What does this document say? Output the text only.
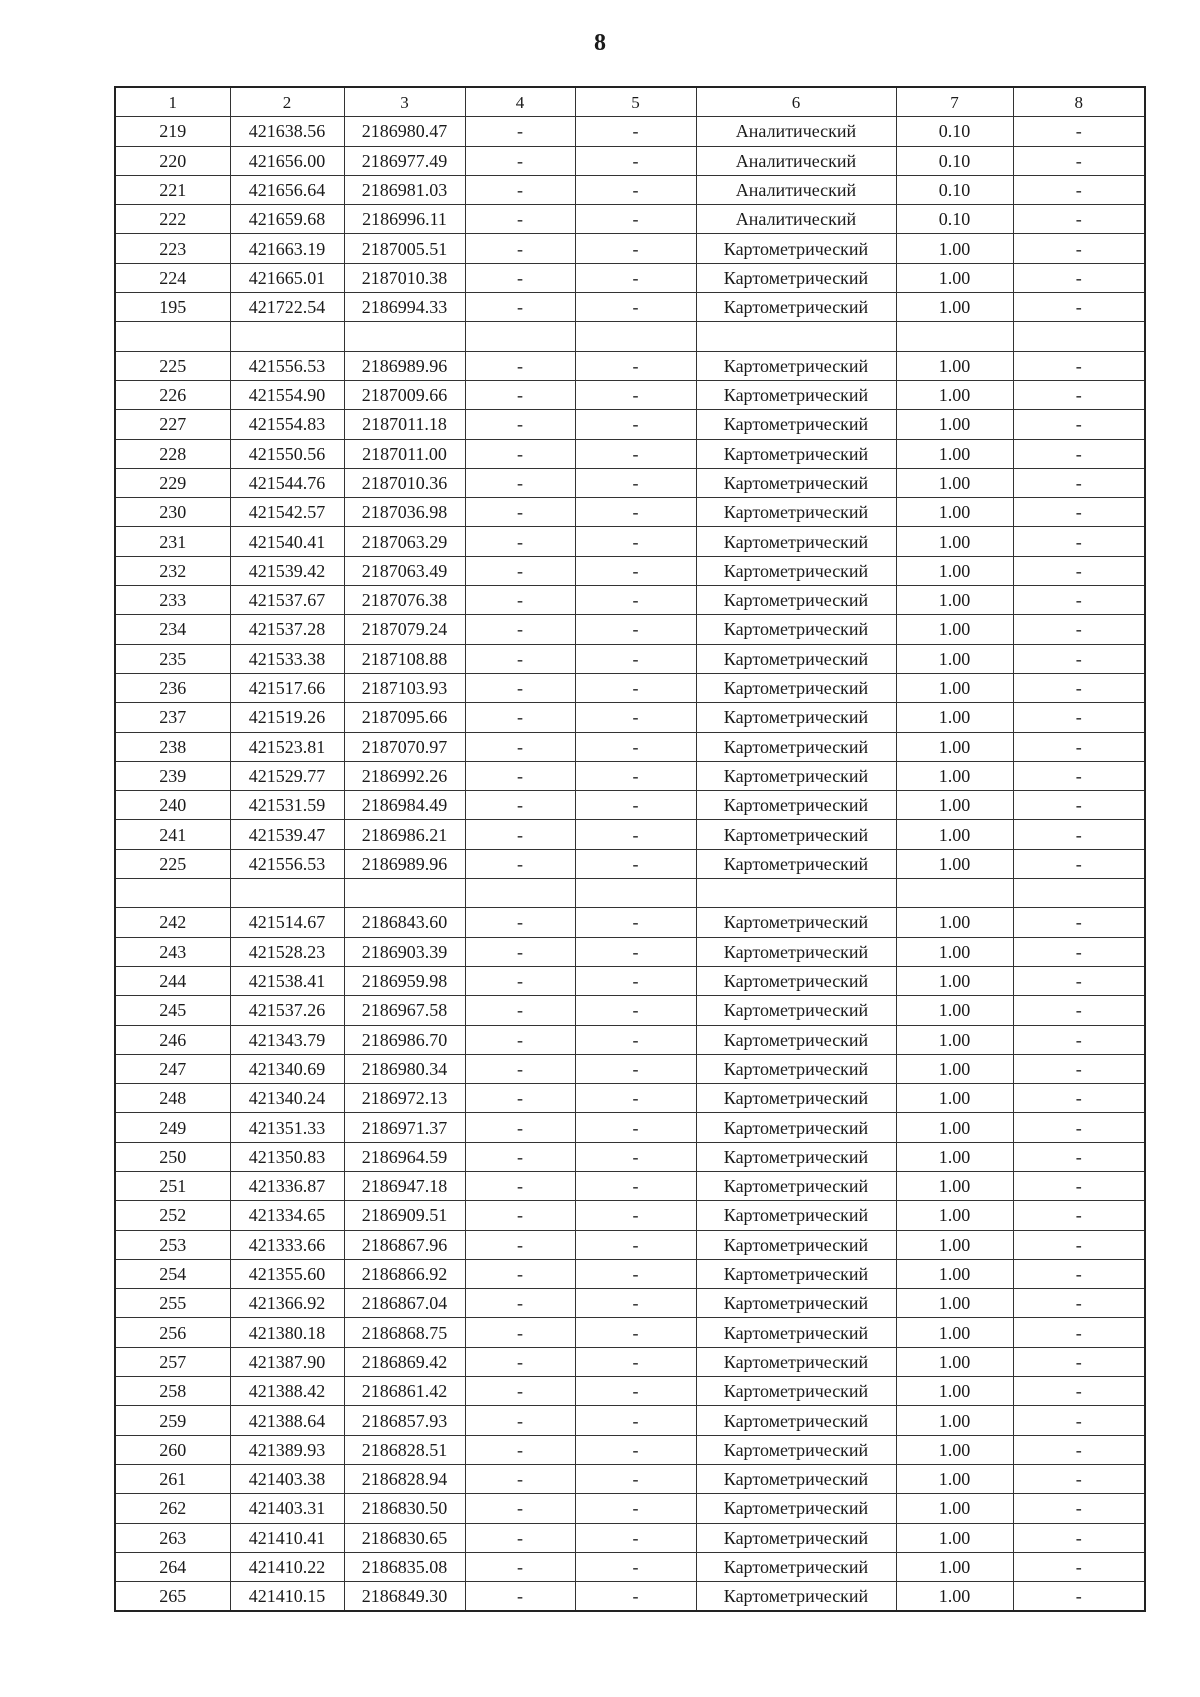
8
1	2	3	4	5	6	7	8
219	421638.56	2186980.47	-	-	Аналитический	0.10	-
220	421656.00	2186977.49	-	-	Аналитический	0.10	-
221	421656.64	2186981.03	-	-	Аналитический	0.10	-
222	421659.68	2186996.11	-	-	Аналитический	0.10	-
223	421663.19	2187005.51	-	-	Картометрический	1.00	-
224	421665.01	2187010.38	-	-	Картометрический	1.00	-
195	421722.54	2186994.33	-	-	Картометрический	1.00	-

225	421556.53	2186989.96	-	-	Картометрический	1.00	-
226	421554.90	2187009.66	-	-	Картометрический	1.00	-
227	421554.83	2187011.18	-	-	Картометрический	1.00	-
228	421550.56	2187011.00	-	-	Картометрический	1.00	-
229	421544.76	2187010.36	-	-	Картометрический	1.00	-
230	421542.57	2187036.98	-	-	Картометрический	1.00	-
231	421540.41	2187063.29	-	-	Картометрический	1.00	-
232	421539.42	2187063.49	-	-	Картометрический	1.00	-
233	421537.67	2187076.38	-	-	Картометрический	1.00	-
234	421537.28	2187079.24	-	-	Картометрический	1.00	-
235	421533.38	2187108.88	-	-	Картометрический	1.00	-
236	421517.66	2187103.93	-	-	Картометрический	1.00	-
237	421519.26	2187095.66	-	-	Картометрический	1.00	-
238	421523.81	2187070.97	-	-	Картометрический	1.00	-
239	421529.77	2186992.26	-	-	Картометрический	1.00	-
240	421531.59	2186984.49	-	-	Картометрический	1.00	-
241	421539.47	2186986.21	-	-	Картометрический	1.00	-
225	421556.53	2186989.96	-	-	Картометрический	1.00	-

242	421514.67	2186843.60	-	-	Картометрический	1.00	-
243	421528.23	2186903.39	-	-	Картометрический	1.00	-
244	421538.41	2186959.98	-	-	Картометрический	1.00	-
245	421537.26	2186967.58	-	-	Картометрический	1.00	-
246	421343.79	2186986.70	-	-	Картометрический	1.00	-
247	421340.69	2186980.34	-	-	Картометрический	1.00	-
248	421340.24	2186972.13	-	-	Картометрический	1.00	-
249	421351.33	2186971.37	-	-	Картометрический	1.00	-
250	421350.83	2186964.59	-	-	Картометрический	1.00	-
251	421336.87	2186947.18	-	-	Картометрический	1.00	-
252	421334.65	2186909.51	-	-	Картометрический	1.00	-
253	421333.66	2186867.96	-	-	Картометрический	1.00	-
254	421355.60	2186866.92	-	-	Картометрический	1.00	-
255	421366.92	2186867.04	-	-	Картометрический	1.00	-
256	421380.18	2186868.75	-	-	Картометрический	1.00	-
257	421387.90	2186869.42	-	-	Картометрический	1.00	-
258	421388.42	2186861.42	-	-	Картометрический	1.00	-
259	421388.64	2186857.93	-	-	Картометрический	1.00	-
260	421389.93	2186828.51	-	-	Картометрический	1.00	-
261	421403.38	2186828.94	-	-	Картометрический	1.00	-
262	421403.31	2186830.50	-	-	Картометрический	1.00	-
263	421410.41	2186830.65	-	-	Картометрический	1.00	-
264	421410.22	2186835.08	-	-	Картометрический	1.00	-
265	421410.15	2186849.30	-	-	Картометрический	1.00	-
